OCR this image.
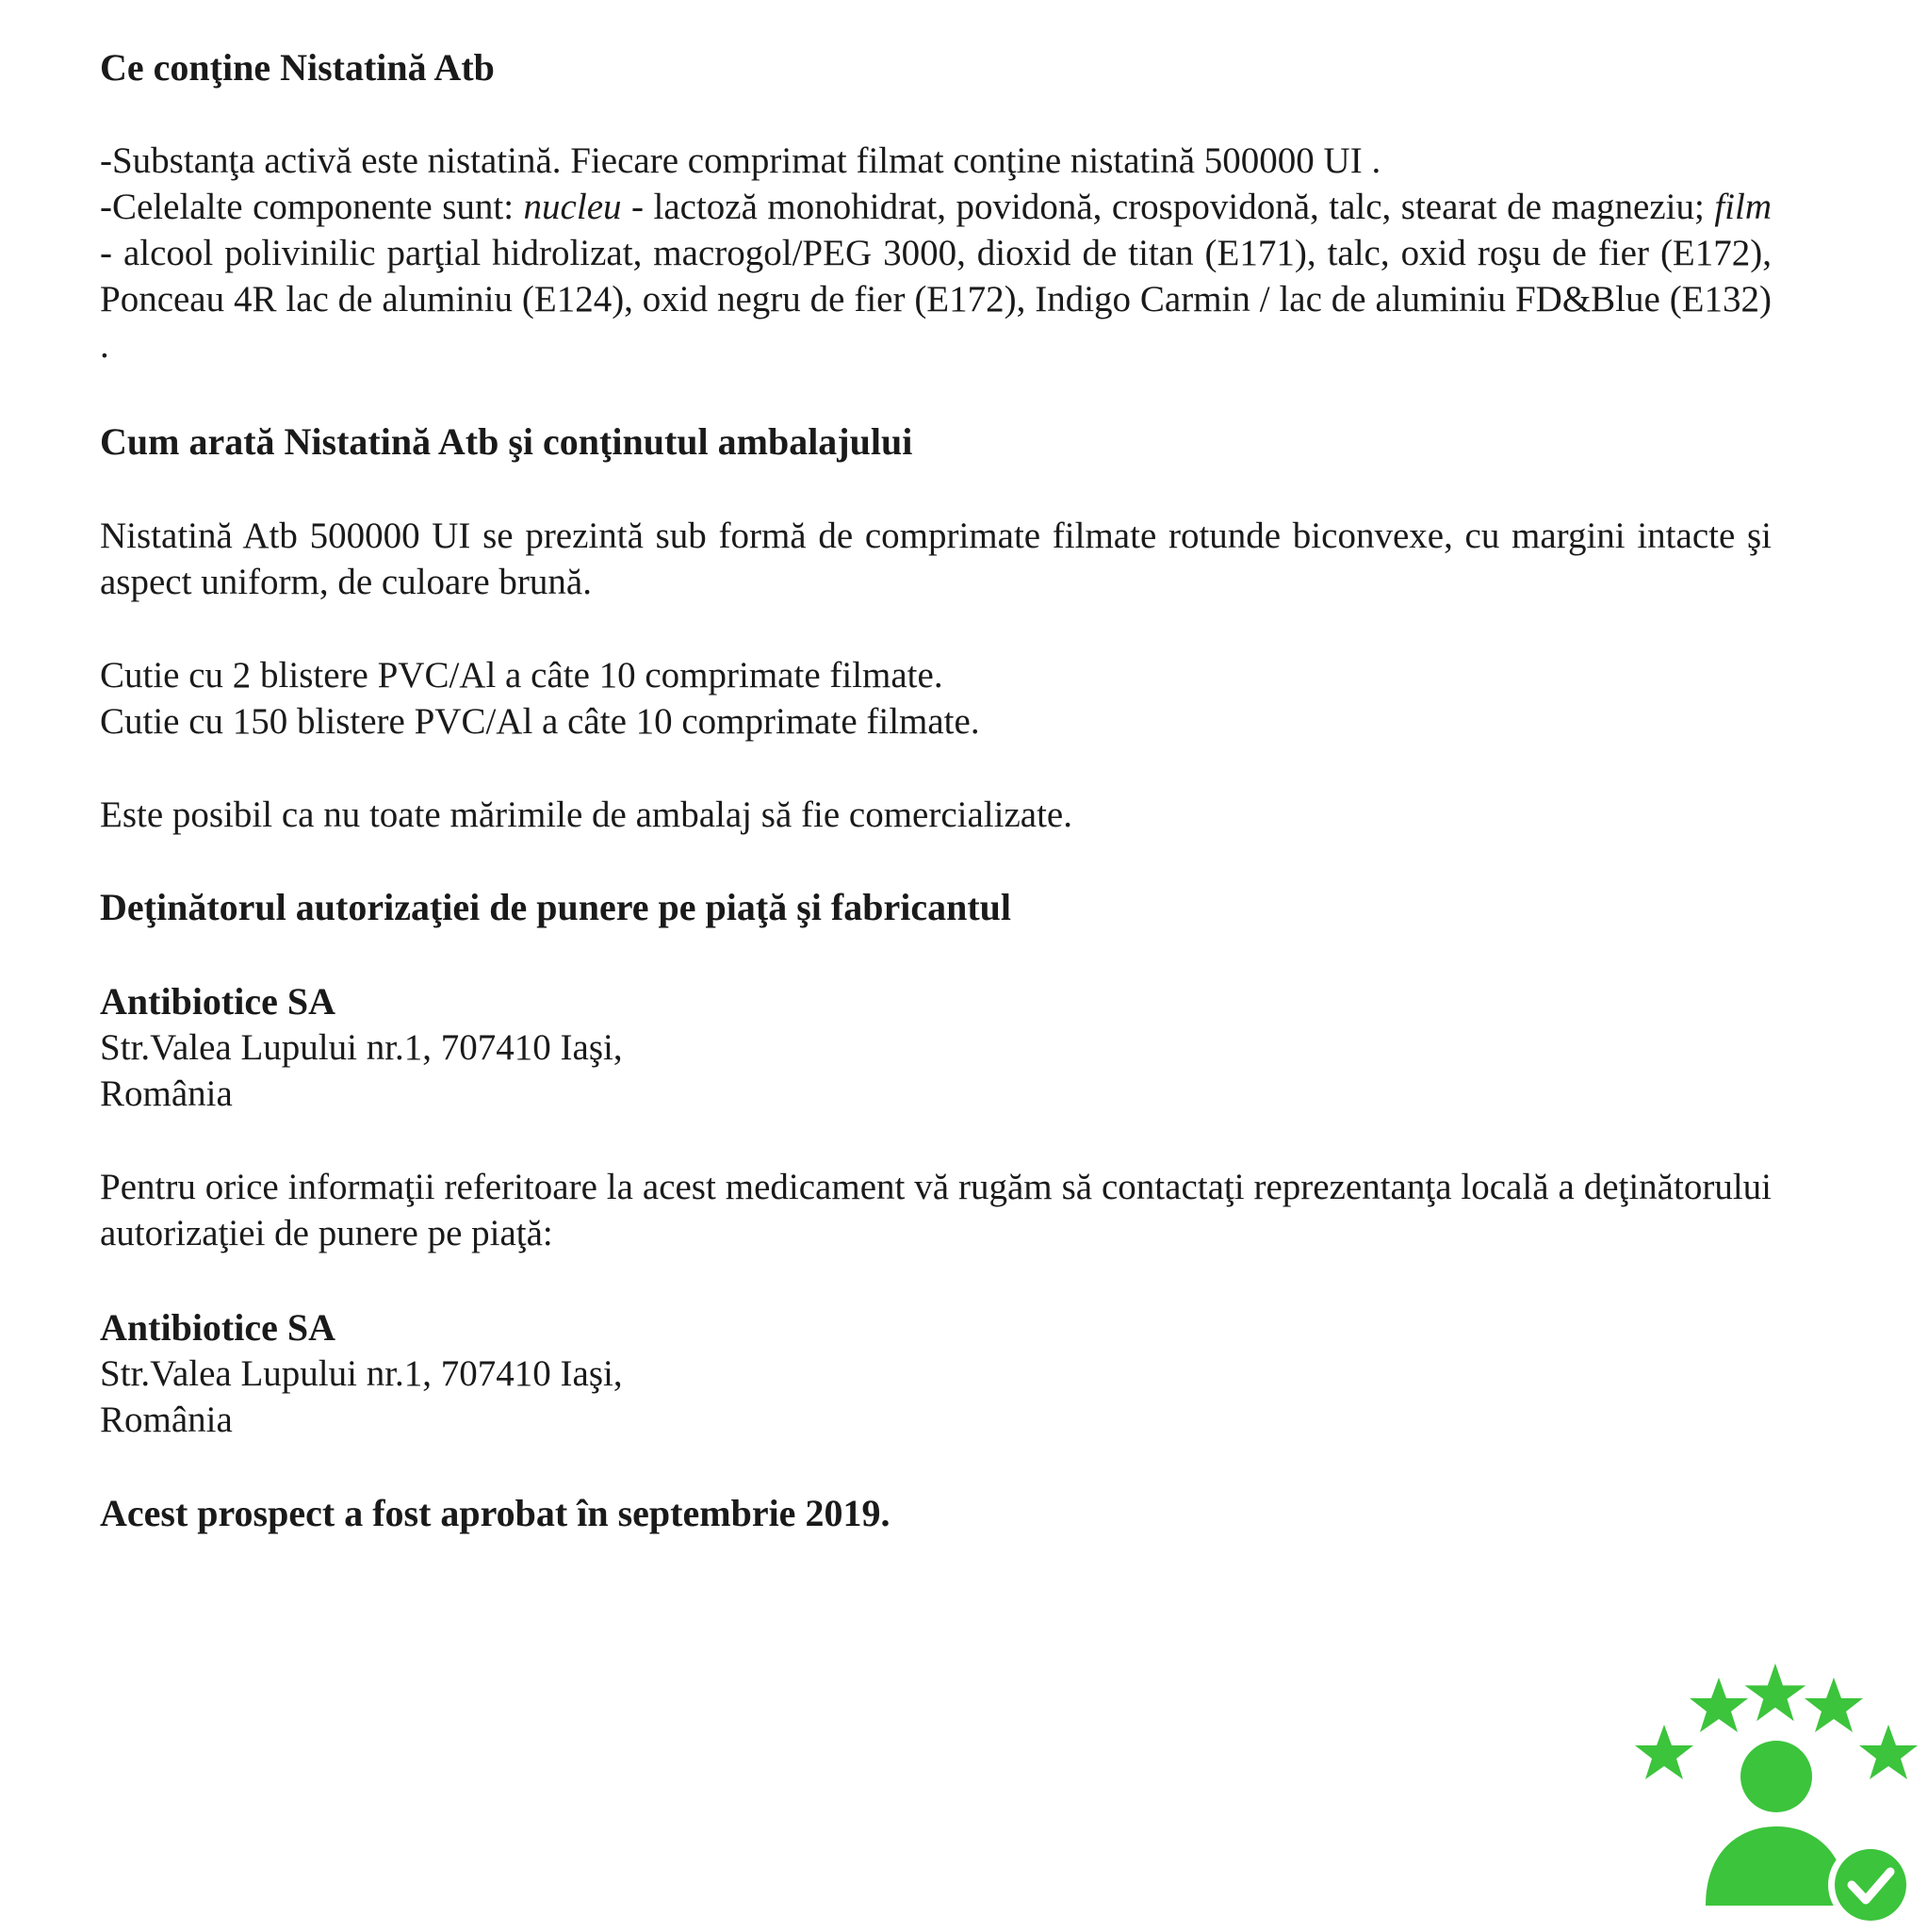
Ce conţine Nistatină Atb

-Substanţa activă este nistatină. Fiecare comprimat filmat conţine nistatină 500000 UI .

-Celelalte componente sunt: nucleu - lactoză monohidrat, povidonă, crospovidonă, talc, stearat de magneziu; film - alcool polivinilic parţial hidrolizat, macrogol/PEG 3000, dioxid de titan (E171), talc, oxid roşu de fier (E172), Ponceau 4R lac de aluminiu (E124), oxid negru de fier (E172), Indigo Carmin / lac de aluminiu FD&Blue (E132) .

Cum arată Nistatină Atb şi conţinutul ambalajului

Nistatină Atb 500000 UI se prezintă sub formă de comprimate filmate rotunde biconvexe, cu margini intacte şi aspect uniform, de culoare brună.

Cutie cu 2 blistere PVC/Al a câte 10 comprimate filmate.

Cutie cu 150 blistere PVC/Al a câte 10 comprimate filmate.

Este posibil ca nu toate mărimile de ambalaj să fie comercializate.

Deţinătorul autorizaţiei de punere pe piaţă şi fabricantul

Antibiotice SA

Str.Valea Lupului nr.1, 707410 Iaşi,

România

Pentru orice informaţii referitoare la acest medicament vă rugăm să contactaţi reprezentanţa locală a deţinătorului autorizaţiei de punere pe piaţă:

Antibiotice SA

Str.Valea Lupului nr.1, 707410 Iaşi,

România

Acest prospect a fost aprobat în septembrie 2019.
